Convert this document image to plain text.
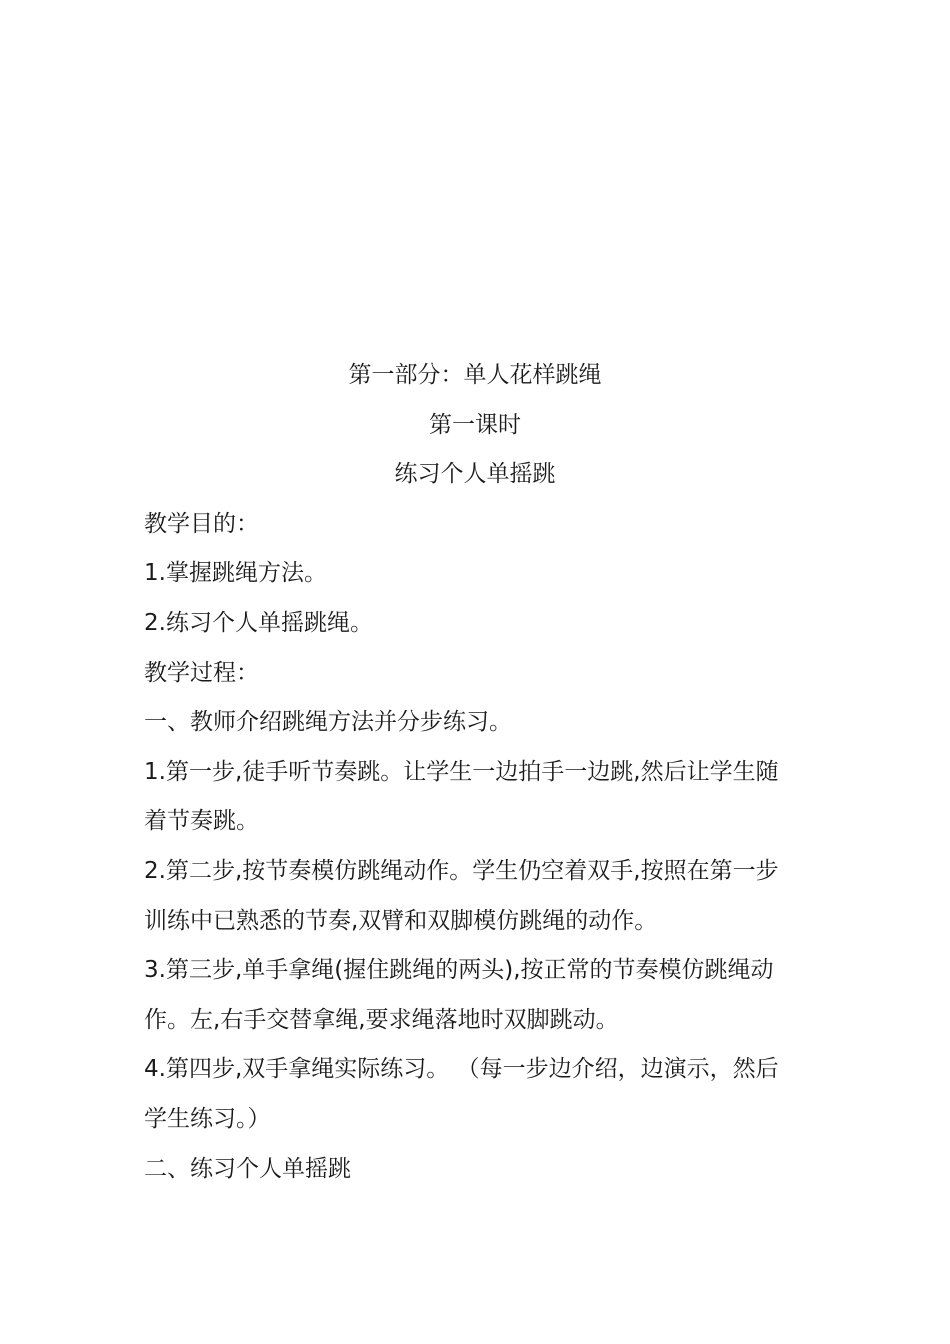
第一部分：单人花样跳绳
第一课时
练习个人单摇跳
教学目的：
1.掌握跳绳方法。
2.练习个人单摇跳绳。
教学过程：
一、教师介绍跳绳方法并分步练习。
1.第一步,徒手听节奏跳。让学生一边拍手一边跳,然后让学生随
着节奏跳。
2.第二步,按节奏模仿跳绳动作。学生仍空着双手,按照在第一步
训练中已熟悉的节奏,双臂和双脚模仿跳绳的动作。
3.第三步,单手拿绳(握住跳绳的两头),按正常的节奏模仿跳绳动
作。左,右手交替拿绳,要求绳落地时双脚跳动。
4.第四步,双手拿绳实际练习。 （每一步边介绍，边演示，然后
学生练习。）
二、练习个人单摇跳
